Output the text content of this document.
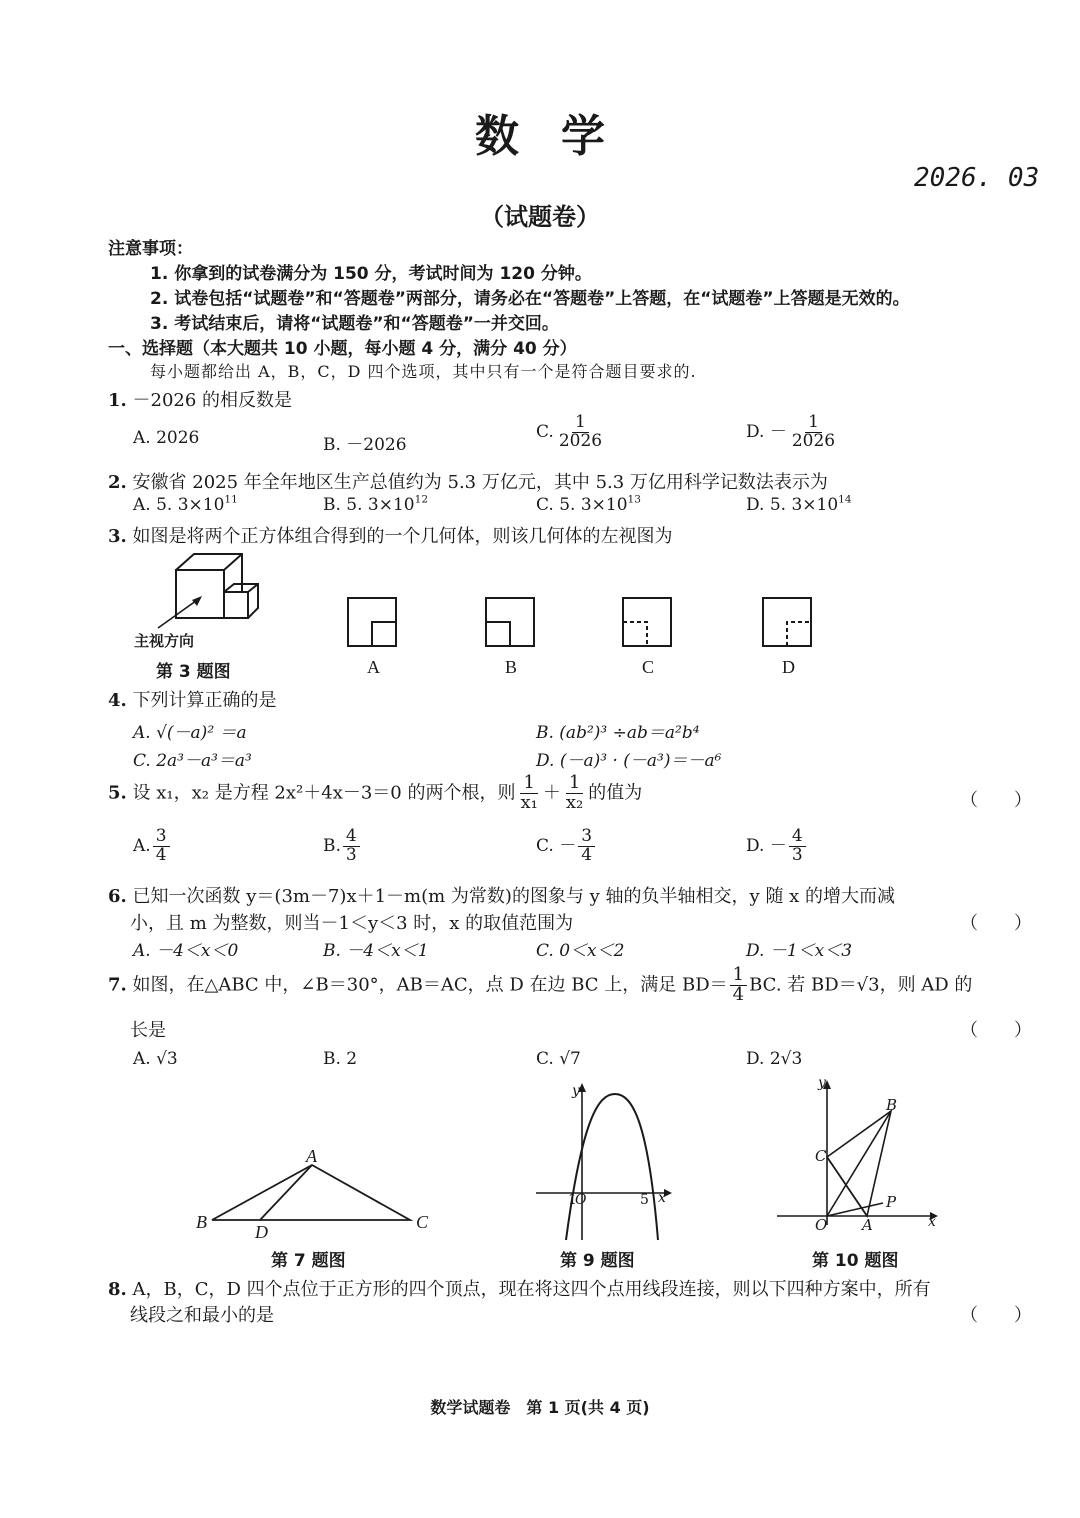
数学
2026. 03
（试题卷）
注意事项：
1. 你拿到的试卷满分为 150 分，考试时间为 120 分钟。
2. 试卷包括“试题卷”和“答题卷”两部分，请务必在“答题卷”上答题，在“试题卷”上答题是无效的。
3. 考试结束后，请将“试题卷”和“答题卷”一并交回。
一、选择题（本大题共 10 小题，每小题 4 分，满分 40 分）
每小题都给出 A，B，C，D 四个选项，其中只有一个是符合题目要求的.
1. －2026 的相反数是
A. 2026	B. －2026
C. $\frac{1}{2026}$	D. － $\frac{1}{2026}$
2. 安徽省 2025 年全年地区生产总值约为 5.3 万亿元，其中 5.3 万亿用科学记数法表示为
A. 5. $3\times 10^{11}$	B. 5. $3\times 10^{12}$	C. 5. $3\times 10^{13}$	D. 5. $3\times 10^{14}$
3. 如图是将两个正方体组合得到的一个几何体，则该几何体的左视图为
主视方向
第 3 题图	A	B	C	D
4. 下列计算正确的是
A. √(－a)² ＝a	B. (ab²)³ ÷ab＝a²b⁴
C. 2a³－a³＝a³	D. (－a)³ · (－a³)＝－a⁶
5. 设 x₁，x₂ 是方程 2x²＋4x－3＝0 的两个根，则 $\frac{1}{\text{x₁}} + \frac{1}{\text{x₂}}$ 的值为	（　　）
A. $\frac{3}{4}$	B. $\frac{4}{3}$	C. － $\frac{3}{4}$	D. － $\frac{4}{3}$
6. 已知一次函数 y＝(3m－7)x＋1－m(m 为常数)的图象与 y 轴的负半轴相交，y 随 x 的增大而减
小，且 m 为整数，则当－1＜y＜3 时，x 的取值范围为	（　　）
A. －4＜x＜0	B. －4＜x＜1	C. 0＜x＜2	D. －1＜x＜3
7. 如图，在△ABC 中，∠B＝30°，AB＝AC，点 D 在边 BC 上，满足 $BD= \frac{1}{4}$ BC. 若 BD＝√3，则 AD 的
长是	（　　）
A. √3	B. 2	C. √7	D. 2√3
A
B	C
D
第 7 题图
y
x
1
O	5
第 9 题图
y
x
O A
B
C
P
第 10 题图
8. A，B，C，D 四个点位于正方形的四个顶点，现在将这四个点用线段连接，则以下四种方案中，所有
线段之和最小的是	（　　）
数学试题卷　第 1 页(共 4 页)
